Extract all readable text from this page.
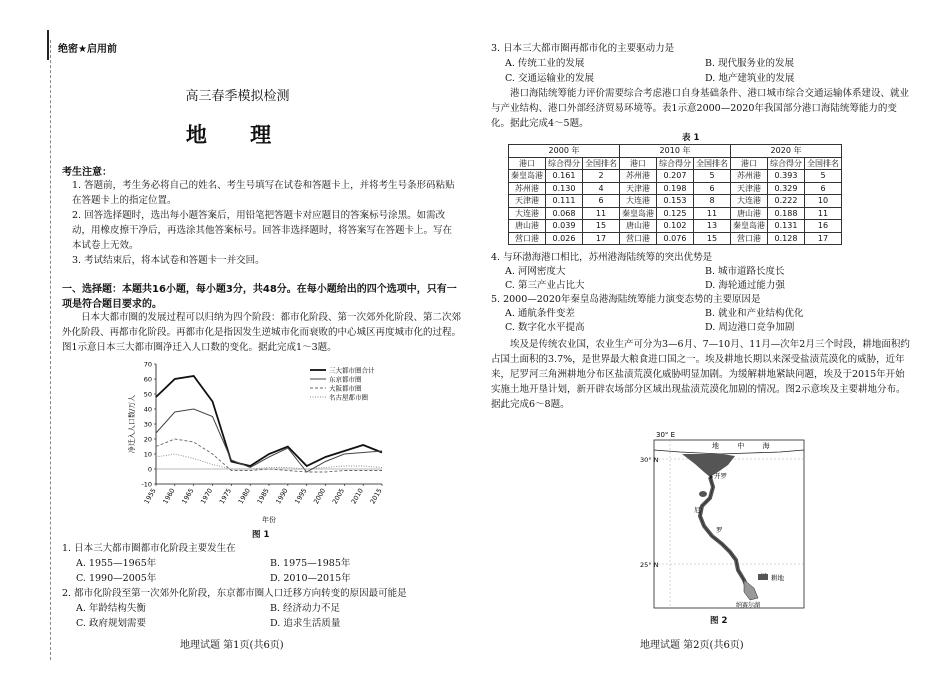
绝密★启用前
高三春季模拟检测
地 理
考生注意：
1. 答题前，考生务必将自己的姓名、考生号填写在试卷和答题卡上，并将考生号条形码粘贴在答题卡上的指定位置。
2. 回答选择题时，选出每小题答案后，用铅笔把答题卡对应题目的答案标号涂黑。如需改动，用橡皮擦干净后，再选涂其他答案标号。回答非选择题时，将答案写在答题卡上。写在本试卷上无效。
3. 考试结束后，将本试卷和答题卡一并交回。
一、选择题：本题共16小题，每小题3分，共48分。在每小题给出的四个选项中，只有一项是符合题目要求的。
日本大都市圈的发展过程可以归纳为四个阶段：都市化阶段、第一次郊外化阶段、第二次郊外化阶段、再都市化阶段。再都市化是指因发生逆城市化而衰败的中心城区再度城市化的过程。图1示意日本三大都市圈净迁入人口数的变化。据此完成1～3题。
-10
0
10
20
30
40
50
60
70
1955 1960 1965 1970 1975 1980 1985 1990 1995 2000 2005 2010 2015
净迁入人口数/万人
年份
三大都市圈合计
东京都市圈
大阪都市圈
名古屋都市圈
图 1
1. 日本三大都市圈都市化阶段主要发生在
A. 1955—1965年	B. 1975—1985年
C. 1990—2005年	D. 2010—2015年
2. 都市化阶段至第一次郊外化阶段，东京都市圈人口迁移方向转变的原因最可能是
A. 年龄结构失衡	B. 经济动力不足
C. 政府规划需要	D. 追求生活质量
地理试题 第1页(共6页)
3. 日本三大都市圈再都市化的主要驱动力是
A. 传统工业的发展	B. 现代服务业的发展
C. 交通运输业的发展	D. 地产建筑业的发展
港口海陆统筹能力评价需要综合考虑港口自身基础条件、港口城市综合交通运输体系建设、就业与产业结构、港口外部经济贸易环境等。表1示意2000—2020年我国部分港口海陆统筹能力的变化。据此完成4～5题。
表 1
2000 年			2010 年			2020 年		
港口	综合得分	全国排名	港口	综合得分	全国排名	港口	综合得分	全国排名
秦皇岛港	0.161	2	苏州港	0.207	5	苏州港	0.393	5
苏州港	0.130	4	天津港	0.198	6	天津港	0.329	6
天津港	0.111	6	大连港	0.153	8	大连港	0.222	10
大连港	0.068	11	秦皇岛港	0.125	11	唐山港	0.188	11
唐山港	0.039	15	唐山港	0.102	13	秦皇岛港	0.131	16
营口港	0.026	17	营口港	0.076	15	营口港	0.128	17
4. 与环渤海港口相比，苏州港海陆统筹的突出优势是
A. 河网密度大	B. 城市道路长度长
C. 第三产业占比大	D. 海轮通过能力强
5. 2000—2020年秦皇岛港海陆统筹能力演变态势的主要原因是
A. 通航条件变差	B. 就业和产业结构优化
C. 数字化水平提高	D. 周边港口竞争加剧
埃及是传统农业国，农业生产可分为3—6月、7—10月、11月—次年2月三个时段，耕地面积约占国土面积的3.7%，是世界最大粮食进口国之一。埃及耕地长期以来深受盐渍荒漠化的威胁，近年来，尼罗河三角洲耕地分布区盐渍荒漠化威胁明显加剧。为缓解耕地紧缺问题，埃及于2015年开始实施土地开垦计划，新开辟农场部分区域出现盐渍荒漠化加剧的情况。图2示意埃及主要耕地分布。据此完成6～8题。
30° E
30° N
25° N
地 中 海
开罗
尼
罗
纳赛尔湖
耕地
图 2
地理试题 第2页(共6页)
